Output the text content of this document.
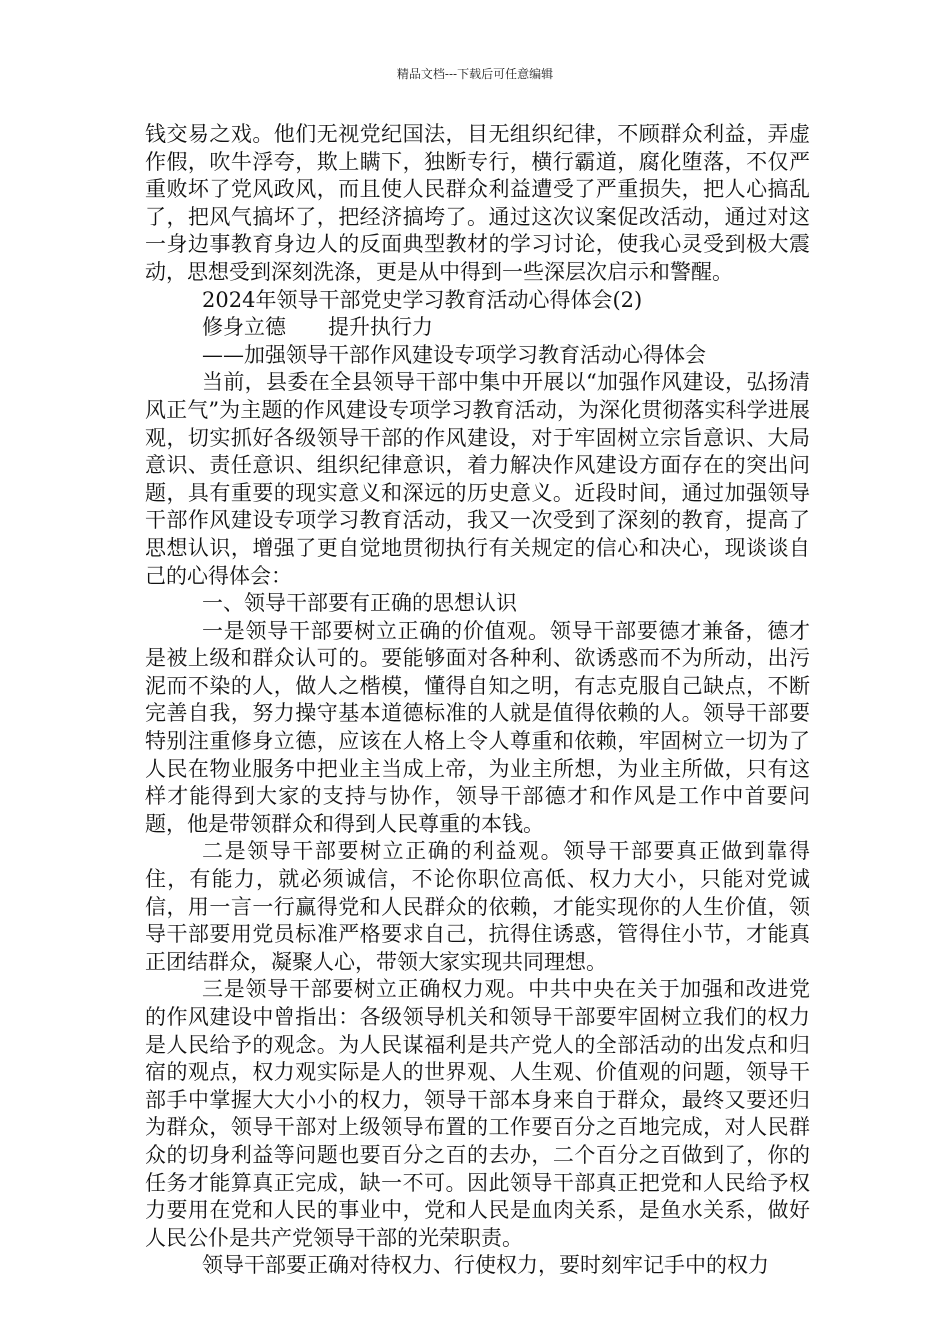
精品文档---下载后可任意编辑

钱交易之戏。他们无视党纪国法，目无组织纪律，不顾群众利益，弄虚作假，吹牛浮夸，欺上瞒下，独断专行，横行霸道，腐化堕落，不仅严重败坏了党风政风，而且使人民群众利益遭受了严重损失，把人心搞乱了，把风气搞坏了，把经济搞垮了。通过这次议案促改活动，通过对这一身边事教育身边人的反面典型教材的学习讨论，使我心灵受到极大震动，思想受到深刻洗涤，更是从中得到一些深层次启示和警醒。

2024年领导干部党史学习教育活动心得体会(2)

修身立德　　提升执行力

——加强领导干部作风建设专项学习教育活动心得体会

当前，县委在全县领导干部中集中开展以“加强作风建设，弘扬清风正气”为主题的作风建设专项学习教育活动，为深化贯彻落实科学进展观，切实抓好各级领导干部的作风建设，对于牢固树立宗旨意识、大局意识、责任意识、组织纪律意识，着力解决作风建设方面存在的突出问题，具有重要的现实意义和深远的历史意义。近段时间，通过加强领导干部作风建设专项学习教育活动，我又一次受到了深刻的教育，提高了思想认识，增强了更自觉地贯彻执行有关规定的信心和决心，现谈谈自己的心得体会：

一、领导干部要有正确的思想认识

一是领导干部要树立正确的价值观。领导干部要德才兼备，德才是被上级和群众认可的。要能够面对各种利、欲诱惑而不为所动，出污泥而不染的人，做人之楷模，懂得自知之明，有志克服自己缺点，不断完善自我，努力操守基本道德标准的人就是值得依赖的人。领导干部要特别注重修身立德，应该在人格上令人尊重和依赖，牢固树立一切为了人民在物业服务中把业主当成上帝，为业主所想，为业主所做，只有这样才能得到大家的支持与协作，领导干部德才和作风是工作中首要问题，他是带领群众和得到人民尊重的本钱。

二是领导干部要树立正确的利益观。领导干部要真正做到靠得住，有能力，就必须诚信，不论你职位高低、权力大小，只能对党诚信，用一言一行赢得党和人民群众的依赖，才能实现你的人生价值，领导干部要用党员标准严格要求自己，抗得住诱惑，管得住小节，才能真正团结群众，凝聚人心，带领大家实现共同理想。

三是领导干部要树立正确权力观。中共中央在关于加强和改进党的作风建设中曾指出：各级领导机关和领导干部要牢固树立我们的权力是人民给予的观念。为人民谋福利是共产党人的全部活动的出发点和归宿的观点，权力观实际是人的世界观、人生观、价值观的问题，领导干部手中掌握大大小小的权力，领导干部本身来自于群众，最终又要还归为群众，领导干部对上级领导布置的工作要百分之百地完成，对人民群众的切身利益等问题也要百分之百的去办，二个百分之百做到了，你的任务才能算真正完成，缺一不可。因此领导干部真正把党和人民给予权力要用在党和人民的事业中，党和人民是血肉关系，是鱼水关系，做好人民公仆是共产党领导干部的光荣职责。

领导干部要正确对待权力、行使权力，要时刻牢记手中的权力
